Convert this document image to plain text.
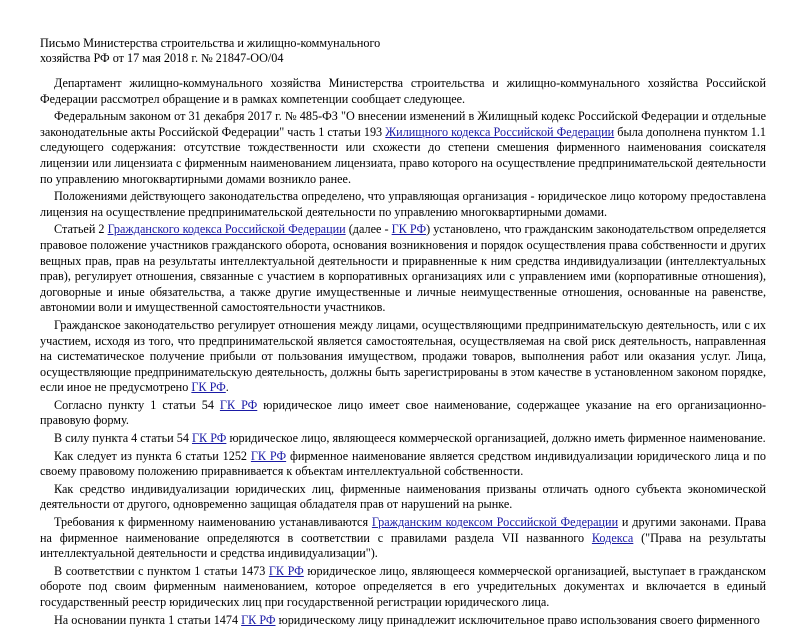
Письмо Министерства строительства и жилищно-коммунального
хозяйства РФ от 17 мая 2018 г. № 21847-ОО/04

Департамент жилищно-коммунального хозяйства Министерства строительства и жилищно-коммунального хозяйства Российской Федерации рассмотрел обращение и в рамках компетенции сообщает следующее.

Федеральным законом от 31 декабря 2017 г. № 485-ФЗ "О внесении изменений в Жилищный кодекс Российской Федерации и отдельные законодательные акты Российской Федерации" часть 1 статьи 193 Жилищного кодекса Российской Федерации была дополнена пунктом 1.1 следующего содержания: отсутствие тождественности или схожести до степени смешения фирменного наименования соискателя лицензии или лицензиата с фирменным наименованием лицензиата, право которого на осуществление предпринимательской деятельности по управлению многоквартирными домами возникло ранее.

Положениями действующего законодательства определено, что управляющая организация - юридическое лицо которому предоставлена лицензия на осуществление предпринимательской деятельности по управлению многоквартирными домами.

Статьей 2 Гражданского кодекса Российской Федерации (далее - ГК РФ) установлено, что гражданским законодательством определяется правовое положение участников гражданского оборота, основания возникновения и порядок осуществления права собственности и других вещных прав, прав на результаты интеллектуальной деятельности и приравненные к ним средства индивидуализации (интеллектуальных прав), регулирует отношения, связанные с участием в корпоративных организациях или с управлением ими (корпоративные отношения), договорные и иные обязательства, а также другие имущественные и личные неимущественные отношения, основанные на равенстве, автономии воли и имущественной самостоятельности участников.

Гражданское законодательство регулирует отношения между лицами, осуществляющими предпринимательскую деятельность, или с их участием, исходя из того, что предпринимательской является самостоятельная, осуществляемая на свой риск деятельность, направленная на систематическое получение прибыли от пользования имуществом, продажи товаров, выполнения работ или оказания услуг. Лица, осуществляющие предпринимательскую деятельность, должны быть зарегистрированы в этом качестве в установленном законом порядке, если иное не предусмотрено ГК РФ.

Согласно пункту 1 статьи 54 ГК РФ юридическое лицо имеет свое наименование, содержащее указание на его организационно-правовую форму.

В силу пункта 4 статьи 54 ГК РФ юридическое лицо, являющееся коммерческой организацией, должно иметь фирменное наименование.

Как следует из пункта 6 статьи 1252 ГК РФ фирменное наименование является средством индивидуализации юридического лица и по своему правовому положению приравнивается к объектам интеллектуальной собственности.

Как средство индивидуализации юридических лиц, фирменные наименования призваны отличать одного субъекта экономической деятельности от другого, одновременно защищая обладателя прав от нарушений на рынке.

Требования к фирменному наименованию устанавливаются Гражданским кодексом Российской Федерации и другими законами. Права на фирменное наименование определяются в соответствии с правилами раздела VII названного Кодекса ("Права на результаты интеллектуальной деятельности и средства индивидуализации").

В соответствии с пунктом 1 статьи 1473 ГК РФ юридическое лицо, являющееся коммерческой организацией, выступает в гражданском обороте под своим фирменным наименованием, которое определяется в его учредительных документах и включается в единый государственный реестр юридических лиц при государственной регистрации юридического лица.

На основании пункта 1 статьи 1474 ГК РФ юридическому лицу принадлежит исключительное право использования своего фирменного
